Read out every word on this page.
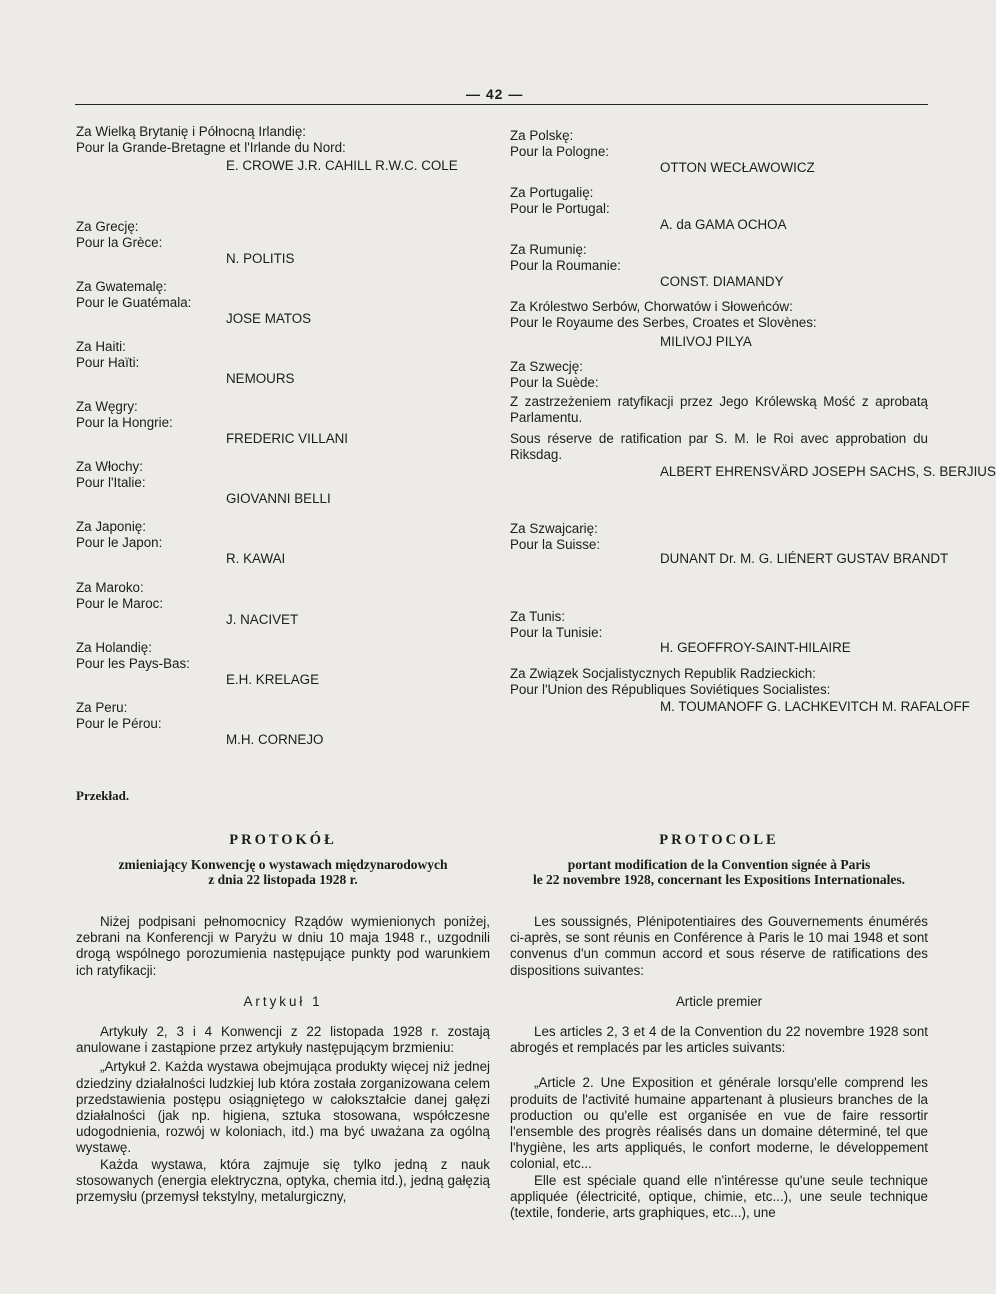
— 42 —
Za Wielką Brytanię i Północną Irlandię:
Pour la Grande-Bretagne et l'Irlande du Nord:
E. CROWE J.R. CAHILL R.W.C. COLE
Za Grecję:
Pour la Grèce:
N. POLITIS
Za Gwatemalę:
Pour le Guatémala:
JOSE MATOS
Za Haiti:
Pour Haïti:
NEMOURS
Za Węgry:
Pour la Hongrie:
FREDERIC VILLANI
Za Włochy:
Pour l'Italie:
GIOVANNI BELLI
Za Japonię:
Pour le Japon:
R. KAWAI
Za Maroko:
Pour le Maroc:
J. NACIVET
Za Holandię:
Pour les Pays-Bas:
E.H. KRELAGE
Za Peru:
Pour le Pérou:
M.H. CORNEJO
Za Polskę:
Pour la Pologne:
OTTON WECŁAWOWICZ
Za Portugalię:
Pour le Portugal:
A. da GAMA OCHOA
Za Rumunię:
Pour la Roumanie:
CONST. DIAMANDY
Za Królestwo Serbów, Chorwatów i Słoweńców:
Pour le Royaume des Serbes, Croates et Slovènes:
MILIVOJ PILYA
Za Szwecję:
Pour la Suède:
Z zastrzeżeniem ratyfikacji przez Jego Królewską Mość z aprobatą Parlamentu.
Sous réserve de ratification par S. M. le Roi avec approbation du Riksdag.
ALBERT EHRENSVÄRD JOSEPH SACHS, S. BERJIUS
Za Szwajcarię:
Pour la Suisse:
DUNANT Dr. M. G. LIÉNERT GUSTAV BRANDT
Za Tunis:
Pour la Tunisie:
H. GEOFFROY-SAINT-HILAIRE
Za Związek Socjalistycznych Republik Radzieckich:
Pour l'Union des Républiques Soviétiques Socialistes:
M. TOUMANOFF G. LACHKEVITCH M. RAFALOFF
Przekład.
PROTOKÓŁ
zmieniający Konwencję o wystawach międzynarodowych
z dnia 22 listopada 1928 r.

Niżej podpisani pełnomocnicy Rządów wymienionych poniżej, zebrani na Konferencji w Paryżu w dniu 10 maja 1948 r., uzgodnili drogą wspólnego porozumienia następujące punkty pod warunkiem ich ratyfikacji:

Artykuł 1

Artykuły 2, 3 i 4 Konwencji z 22 listopada 1928 r. zostają anulowane i zastąpione przez artykuły następującym brzmieniu:

„Artykuł 2. Każda wystawa obejmująca produkty więcej niż jednej dziedziny działalności ludzkiej lub która została zorganizowana celem przedstawienia postępu osiągniętego w całokształcie danej gałęzi działalności (jak np. higiena, sztuka stosowana, współczesne udogodnienia, rozwój w koloniach, itd.) ma być uważana za ogólną wystawę.

Każda wystawa, która zajmuje się tylko jedną z nauk stosowanych (energia elektryczna, optyka, chemia itd.), jedną gałęzią przemysłu (przemysł tekstylny, metalurgiczny,

PROTOCOLE
portant modification de la Convention signée à Paris
le 22 novembre 1928, concernant les Expositions Internationales.

Les soussignés, Plénipotentiaires des Gouvernements énumérés ci-après, se sont réunis en Conférence à Paris le 10 mai 1948 et sont convenus d'un commun accord et sous réserve de ratifications des dispositions suivantes:

Article premier

Les articles 2, 3 et 4 de la Convention du 22 novembre 1928 sont abrogés et remplacés par les articles suivants:

„Article 2. Une Exposition et générale lorsqu'elle comprend les produits de l'activité humaine appartenant à plusieurs branches de la production ou qu'elle est organisée en vue de faire ressortir l'ensemble des progrès réalisés dans un domaine déterminé, tel que l'hygiène, les arts appliqués, le confort moderne, le développement colonial, etc...

Elle est spéciale quand elle n'intéresse qu'une seule technique appliquée (électricité, optique, chimie, etc...), une seule technique (textile, fonderie, arts graphiques, etc...), une
